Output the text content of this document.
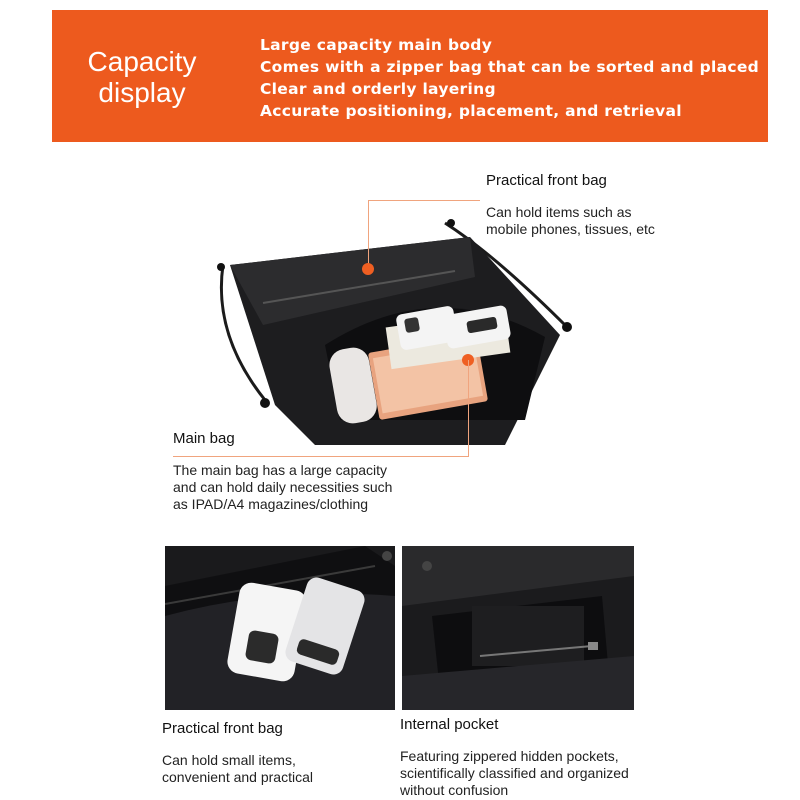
Capacity
display
Large capacity main body
Comes with a zipper bag that can be sorted and placed
Clear and orderly layering
Accurate positioning, placement, and retrieval
Practical front bag
Can hold items such as
mobile phones, tissues, etc
Main bag
The main bag has a large capacity
and can hold daily necessities such
as IPAD/A4 magazines/clothing
Practical front bag
Can hold small items,
convenient and practical
Internal pocket
Featuring zippered hidden pockets,
scientifically classified and organized
without confusion
